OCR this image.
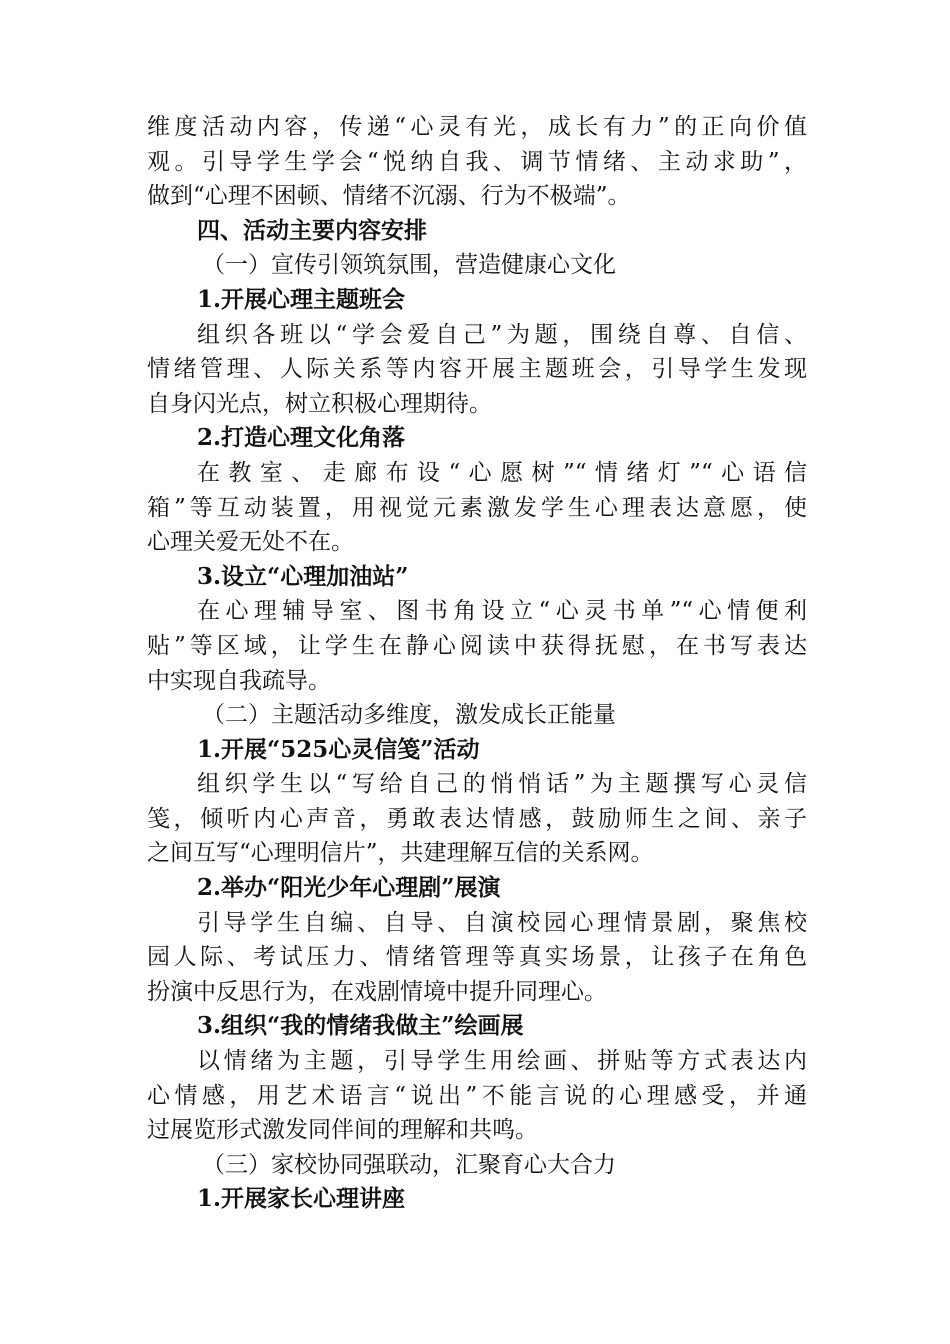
维度活动内容，传递“心灵有光，成长有力”的正向价值
观。引导学生学会“悦纳自我、调节情绪、主动求助”，
做到“心理不困顿、情绪不沉溺、行为不极端”。
四、活动主要内容安排
（一）宣传引领筑氛围，营造健康心文化
1.开展心理主题班会
组织各班以“学会爱自己”为题，围绕自尊、自信、
情绪管理、人际关系等内容开展主题班会，引导学生发现
自身闪光点，树立积极心理期待。
2.打造心理文化角落
在教室、走廊布设“心愿树”“情绪灯”“心语信
箱”等互动装置，用视觉元素激发学生心理表达意愿，使
心理关爱无处不在。
3.设立“心理加油站”
在心理辅导室、图书角设立“心灵书单”“心情便利
贴”等区域，让学生在静心阅读中获得抚慰，在书写表达
中实现自我疏导。
（二）主题活动多维度，激发成长正能量
1.开展“525心灵信笺”活动
组织学生以“写给自己的悄悄话”为主题撰写心灵信
笺，倾听内心声音，勇敢表达情感，鼓励师生之间、亲子
之间互写“心理明信片”，共建理解互信的关系网。
2.举办“阳光少年心理剧”展演
引导学生自编、自导、自演校园心理情景剧，聚焦校
园人际、考试压力、情绪管理等真实场景，让孩子在角色
扮演中反思行为，在戏剧情境中提升同理心。
3.组织“我的情绪我做主”绘画展
以情绪为主题，引导学生用绘画、拼贴等方式表达内
心情感，用艺术语言“说出”不能言说的心理感受，并通
过展览形式激发同伴间的理解和共鸣。
（三）家校协同强联动，汇聚育心大合力
1.开展家长心理讲座
